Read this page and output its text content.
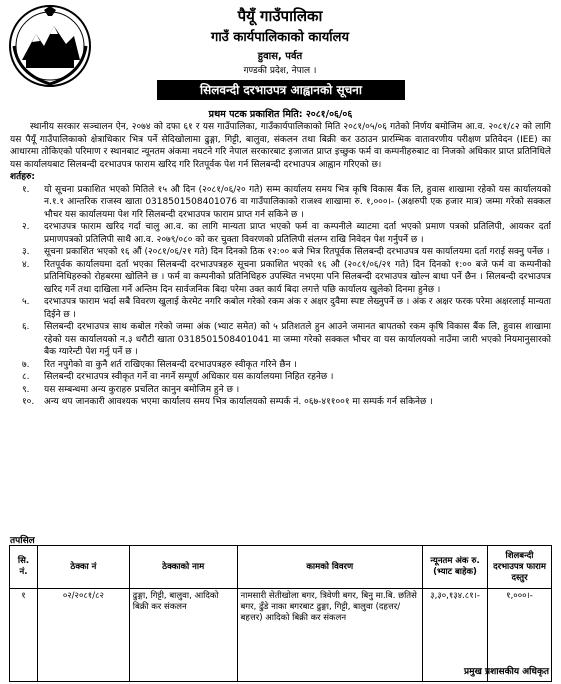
पैयूँ गाउँपालिका
गाउँ कार्यपालिकाको कार्यालय
हुवास, पर्वत
गण्डकी प्रदेश, नेपाल ।
सिलवन्दी दरभाउपत्र आह्वानको सूचना
प्रथम पटक प्रकाशित मिति: २०८१/०६/०६

स्थानीय सरकार सञ्चालन ऐन, २०७४ को दफा ६१ र यस गाउँपालिका, गाउँकार्यपालिकाको मिति २०८१/०५/०६ गतेको निर्णय बमोजिम आ.व. २०८१/८२ को लागि यस पैयूँ गाउँपालिकाको क्षेत्राधिकार भित्र पर्ने सेदिखोलामा ढुङ्गा, गिट्टी, बालुवा, संकलन तथा बिक्री कर उठाउन प्रारम्भिक वातावरणीय परीक्षण प्रतिवेदन (IEE) का आधारमा तोकिएको परिमाण र स्थानबाट न्यूनतम अंकमा नघटने गरि नेपाल सरकारबाट इजाजत प्राप्त इच्छुक फर्म वा कम्पनीहरुबाट वा निजको अधिकार प्राप्त प्रतिनिधिले यस कार्यालयबाट सिलबन्दी दरभाउपत्र फाराम खरिद गरि रितपूर्वक पेश गर्न सिलबन्दी दरभाउपत्र आह्वान गरिएको छ।

शर्तहरु:

१. यो सूचना प्रकाशित भएको मितिले १५ औ दिन (२०८१/०६/२० गते) सम्म कार्यालय समय भित्र कृषि विकास बैंक लि, हुवास शाखामा रहेको यस कार्यालयको न.१.१ आन्तरिक राजस्व खाता 0318501508401076 वा गाउँपालिकाको राजश्व शाखामा रु. १,०००।- (अक्षरुपी एक हजार मात्र) जम्मा गरेको सक्कल भौचर यस कार्यालयमा पेश गरि सिलबन्दी दरभाउपत्र फाराम प्राप्त गर्न सकिने छ ।
२. दरभाउपत्र फाराम खरिद गर्दा चालु आ.व. का लागि मान्यता प्राप्त भएको फर्म वा कम्पनीले ब्याटमा दर्ता भएको प्रमाण पत्रको प्रतिलिपी, आयकर दर्ता प्रमाणपत्रको प्रतिलिपी साथै आ.व. २०७९/०८० को कर चुक्ता विवरणको प्रतिलिपी संलग्न राखि निवेदन पेश गर्नुपर्ने छ ।
३. सूचना प्रकाशित भएको १६ औं (२०८१/०६/२१ गते) दिन दिनको ठिक १२:०० बजे भित्र रितपूर्वक सिलबन्दी दरभाउपत्र यस कार्यालयमा दर्ता गराई सक्नु पर्नेछ ।
४. रितपूर्वक कार्यालयमा दर्ता भएका सिलबन्दी दरभाउपत्रहरु सूचना प्रकाशित भएको १६ औ (२०८१/०६/२१ गते) दिन दिनको १:०० बजे फर्म वा कम्पनीको प्रतिनिधिहरुको रोहबरमा खोलिने छ । फर्म वा कम्पनीको प्रतिनिधिहरु उपस्थित नभएमा पनि सिलबन्दी दरभाउपत्र खोल्न बाधा पर्ने छैन । सिलबन्दी दरभाउपत्र खरिद गर्ने तथा दाखिला गर्ने अन्तिम दिन सार्वजनिक बिदा परेमा उक्त कार्य बिदा लगत्ते पछि कार्यालय खुलेको दिनमा हुनेछ ।
५. दरभाउपत्र फाराम भर्दा सबै विवरण खुलाई केरमेट नगरि कबोल गरेको रकम अंक र अक्षर दुवैमा स्पष्ट लेख्नुपर्ने छ । अंक र अक्षर फरक परेमा अक्षरलाई मान्यता दिईने छ ।
६. सिलबन्दी दरभाउपत्र साथ कबोल गरेको जम्मा अंक (भ्याट समेत) को ५ प्रतिशतले हुन आउने जमानत बापतको रकम कृषि विकास बैंक लि, हुवास शाखामा रहेको यस कार्यालयको न.३ धरौटी खाता 0318501508401041 मा जम्मा गरेको सक्कल भौचर वा यस कार्यालयको नाउँमा जारी भएको नियमानुसारको बैक ग्यारेन्टी पेश गर्नु पर्ने छ ।
७. रित नपुगेको वा कुनै शर्त राखिएका सिलबन्दी दरभाउपत्रहरु स्वीकृत गरिने छैन ।
८. सिलबन्दी दरभाउपत्र स्वीकृत गर्ने वा नगर्ने सम्पूर्ण अधिकार यस कार्यालयमा निहित रहनेछ ।
९. यस सम्बन्धमा अन्य कुराहरु प्रचलित कानुन बमोजिम हुने छ ।
१०. अन्य थप जानकारी आवश्यक भएमा कार्यालय समय भित्र कार्यालयको सम्पर्क नं. ०६७-४११००१ मा सम्पर्क गर्न सकिनेछ ।
तपसिल
सि. नं.	ठेक्का नं	ठेक्काको नाम	कामको विवरण	न्यूनतम अंक रु. (भ्याट बाहेक)	शिलबन्दी दरभाउपत्र फाराम दस्तुर
१	०२/२०८१/८२	ढुङ्गा, गिट्टी, बालुवा, आदिको बिक्री कर संकलन	नामसारी सेतीखोला बगर, त्रिवेणी बगर, बिनु मा.बि. छतिसे बगर, ढुँडे नाका बगरबाट ढुङ्गा, गिट्टी, बालुवा (दहत्तर/बहत्तर) आदिको बिक्री कर संकलन	३,३०,१३४.८१।-	१,०००।-
प्रमुख प्रशासकीय अधिकृत
